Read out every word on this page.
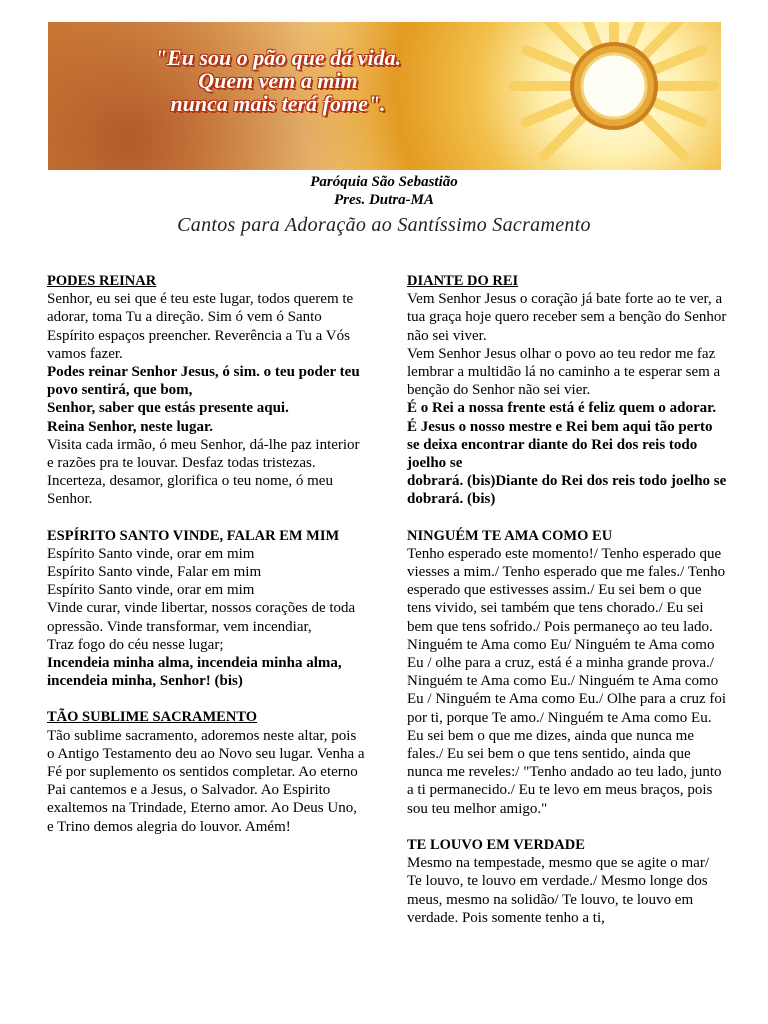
"Eu sou o pão que dá vida.
Quem vem a mim
nunca mais terá fome".

Paróquia São Sebastião

Pres. Dutra-MA

Cantos para Adoração ao Santíssimo Sacramento

PODES REINAR

Senhor, eu sei que é teu este lugar, todos querem te adorar, toma Tu a direção. Sim ó vem ó Santo Espírito espaços preencher. Reverência a Tu a Vós vamos fazer.

Podes reinar Senhor Jesus, ó sim. o teu poder teu povo sentirá, que bom,

Senhor, saber que estás presente aqui.

Reina Senhor, neste lugar.

Visita cada irmão, ó meu Senhor, dá-lhe paz interior e razões pra te louvar. Desfaz todas tristezas. Incerteza, desamor, glorifica o teu nome, ó meu Senhor.

ESPÍRITO SANTO VINDE, FALAR EM MIM

Espírito Santo vinde, orar em mim

Espírito Santo vinde, Falar em mim

Espírito Santo vinde, orar em mim

Vinde curar, vinde libertar, nossos corações de toda

opressão. Vinde transformar, vem incendiar,

Traz fogo do céu nesse lugar;

Incendeia minha alma, incendeia minha alma,

incendeia minha, Senhor! (bis)

TÃO SUBLIME SACRAMENTO

Tão sublime sacramento, adoremos neste altar, pois o Antigo Testamento deu ao Novo seu lugar. Venha a Fé por suplemento os sentidos completar. Ao eterno Pai cantemos e a Jesus, o Salvador. Ao Espirito exaltemos na Trindade, Eterno amor. Ao Deus Uno, e Trino demos alegria do louvor. Amém!

DIANTE DO REI

Vem Senhor Jesus o coração já bate forte ao te ver, a tua graça hoje quero receber sem a benção do Senhor não sei viver.

Vem Senhor Jesus olhar o povo ao teu redor me faz lembrar a multidão lá no caminho a te esperar sem a benção do Senhor não sei vier.

É o Rei a nossa frente está é feliz quem o adorar. É Jesus o nosso mestre e Rei bem aqui tão perto se deixa encontrar diante do Rei dos reis todo joelho se

dobrará. (bis)Diante do Rei dos reis todo joelho se dobrará. (bis)

NINGUÉM TE AMA COMO EU

Tenho esperado este momento!/ Tenho esperado que viesses a mim./ Tenho esperado que me fales./ Tenho esperado que estivesses assim./ Eu sei bem o que tens vivido, sei também que tens chorado./ Eu sei bem que tens sofrido./ Pois permaneço ao teu lado. Ninguém te Ama como Eu/ Ninguém te Ama como Eu / olhe para a cruz, está é a minha grande prova./ Ninguém te Ama como Eu./ Ninguém te Ama como Eu / Ninguém te Ama como Eu./ Olhe para a cruz foi por ti, porque Te amo./ Ninguém te Ama como Eu. Eu sei bem o que me dizes, ainda que nunca me fales./ Eu sei bem o que tens sentido, ainda que nunca me reveles:/ "Tenho andado ao teu lado, junto a ti permanecido./ Eu te levo em meus braços, pois sou teu melhor amigo."

TE LOUVO EM VERDADE

Mesmo na tempestade, mesmo que se agite o mar/ Te louvo, te louvo em verdade./ Mesmo longe dos meus, mesmo na solidão/ Te louvo, te louvo em verdade. Pois somente tenho a ti,
